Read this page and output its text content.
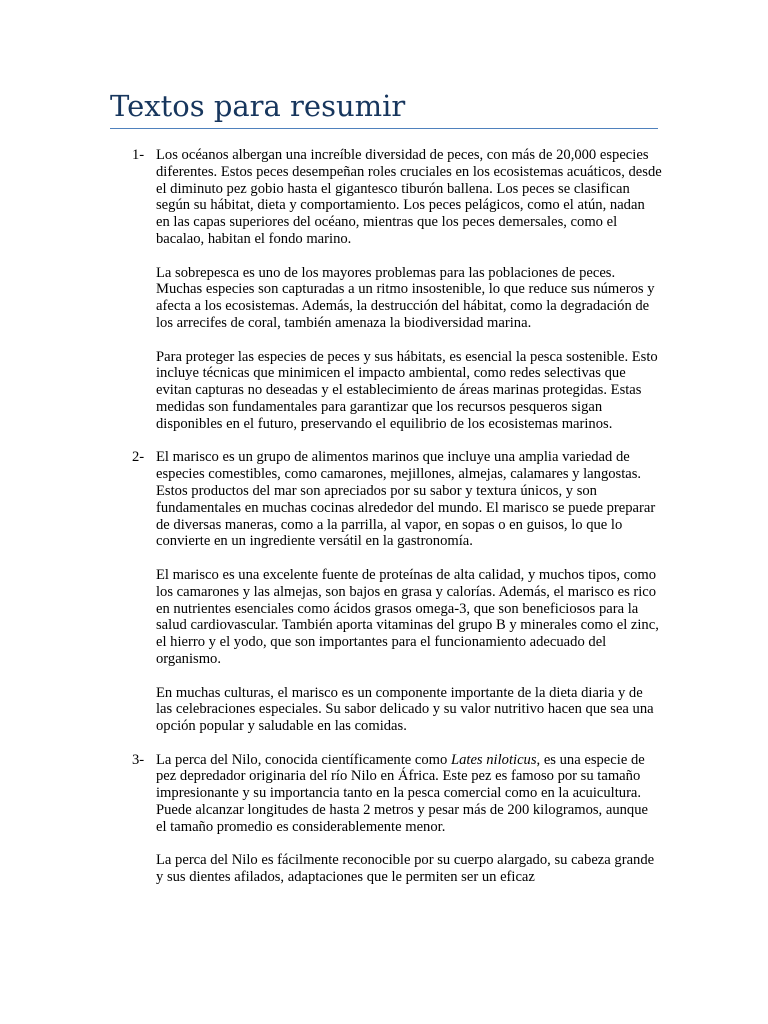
Textos para resumir
1- Los océanos albergan una increíble diversidad de peces, con más de 20,000 especies diferentes. Estos peces desempeñan roles cruciales en los ecosistemas acuáticos, desde el diminuto pez gobio hasta el gigantesco tiburón ballena. Los peces se clasifican según su hábitat, dieta y comportamiento. Los peces pelágicos, como el atún, nadan en las capas superiores del océano, mientras que los peces demersales, como el bacalao, habitan el fondo marino.

La sobrepesca es uno de los mayores problemas para las poblaciones de peces. Muchas especies son capturadas a un ritmo insostenible, lo que reduce sus números y afecta a los ecosistemas. Además, la destrucción del hábitat, como la degradación de los arrecifes de coral, también amenaza la biodiversidad marina.

Para proteger las especies de peces y sus hábitats, es esencial la pesca sostenible. Esto incluye técnicas que minimicen el impacto ambiental, como redes selectivas que evitan capturas no deseadas y el establecimiento de áreas marinas protegidas. Estas medidas son fundamentales para garantizar que los recursos pesqueros sigan disponibles en el futuro, preservando el equilibrio de los ecosistemas marinos.

2- El marisco es un grupo de alimentos marinos que incluye una amplia variedad de especies comestibles, como camarones, mejillones, almejas, calamares y langostas. Estos productos del mar son apreciados por su sabor y textura únicos, y son fundamentales en muchas cocinas alrededor del mundo. El marisco se puede preparar de diversas maneras, como a la parrilla, al vapor, en sopas o en guisos, lo que lo convierte en un ingrediente versátil en la gastronomía.

El marisco es una excelente fuente de proteínas de alta calidad, y muchos tipos, como los camarones y las almejas, son bajos en grasa y calorías. Además, el marisco es rico en nutrientes esenciales como ácidos grasos omega-3, que son beneficiosos para la salud cardiovascular. También aporta vitaminas del grupo B y minerales como el zinc, el hierro y el yodo, que son importantes para el funcionamiento adecuado del organismo.

En muchas culturas, el marisco es un componente importante de la dieta diaria y de las celebraciones especiales. Su sabor delicado y su valor nutritivo hacen que sea una opción popular y saludable en las comidas.

3- La perca del Nilo, conocida científicamente como Lates niloticus, es una especie de pez depredador originaria del río Nilo en África. Este pez es famoso por su tamaño impresionante y su importancia tanto en la pesca comercial como en la acuicultura. Puede alcanzar longitudes de hasta 2 metros y pesar más de 200 kilogramos, aunque el tamaño promedio es considerablemente menor.

La perca del Nilo es fácilmente reconocible por su cuerpo alargado, su cabeza grande y sus dientes afilados, adaptaciones que le permiten ser un eficaz
